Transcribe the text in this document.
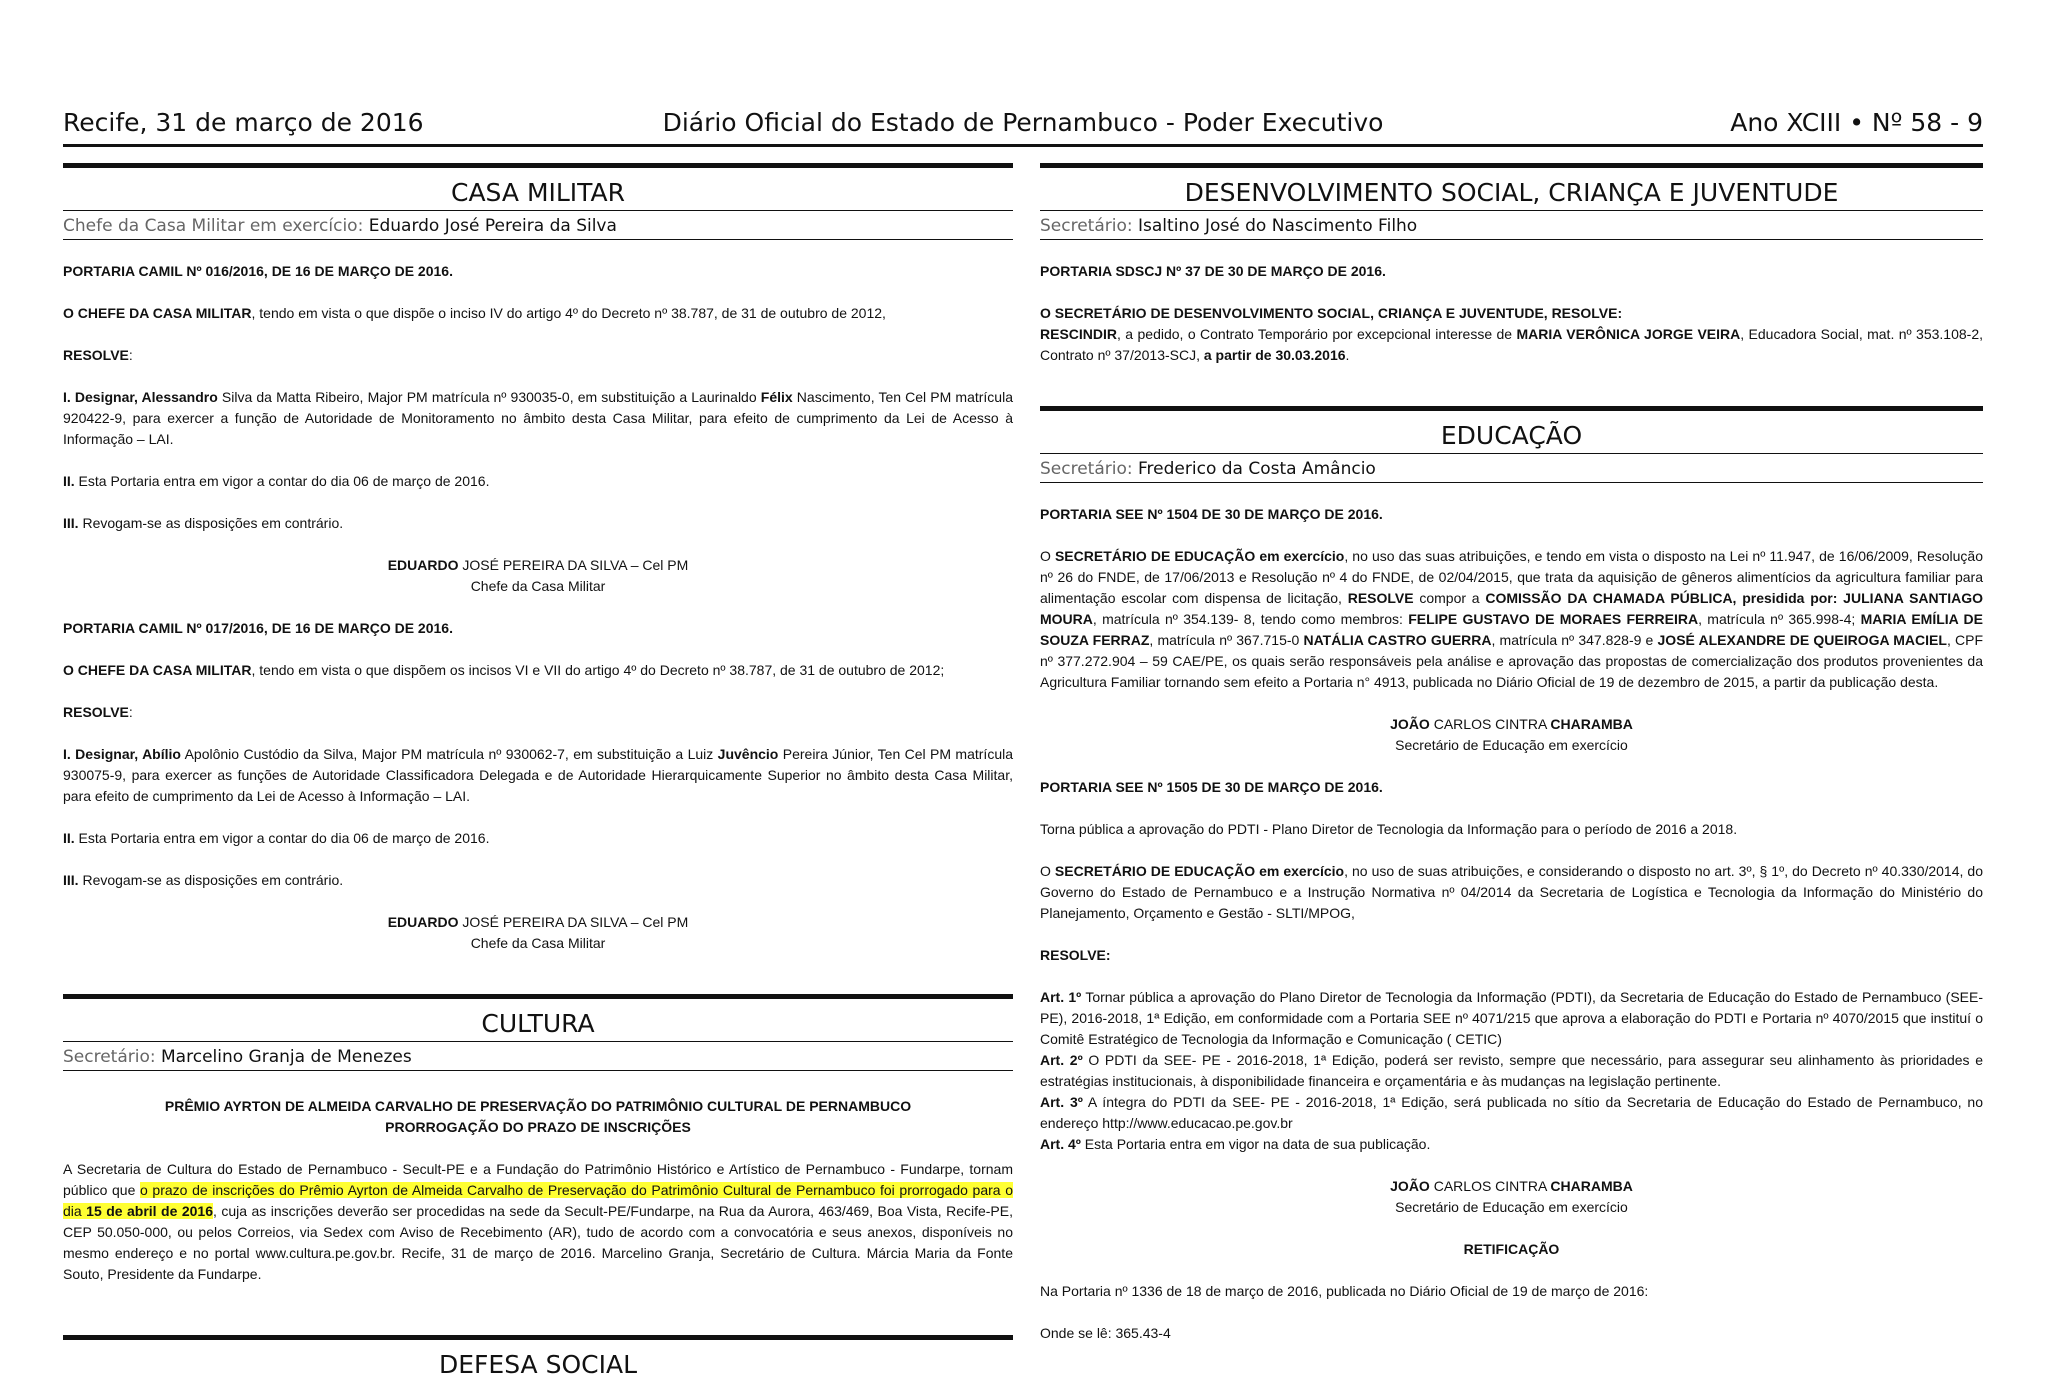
Recife, 31 de março de 2016	Diário Oficial do Estado de Pernambuco - Poder Executivo	Ano XCIII • Nº 58 - 9
CASA MILITAR
Chefe da Casa Militar em exercício: Eduardo José Pereira da Silva

PORTARIA CAMIL Nº 016/2016, DE 16 DE MARÇO DE 2016.

O CHEFE DA CASA MILITAR, tendo em vista o que dispõe o inciso IV do artigo 4º do Decreto nº 38.787, de 31 de outubro de 2012,

RESOLVE:

I. Designar, Alessandro Silva da Matta Ribeiro, Major PM matrícula nº 930035-0, em substituição a Laurinaldo Félix Nascimento, Ten Cel PM matrícula 920422-9, para exercer a função de Autoridade de Monitoramento no âmbito desta Casa Militar, para efeito de cumprimento da Lei de Acesso à Informação – LAI.

II. Esta Portaria entra em vigor a contar do dia 06 de março de 2016.

III. Revogam-se as disposições em contrário.

EDUARDO JOSÉ PEREIRA DA SILVA – Cel PM

Chefe da Casa Militar

PORTARIA CAMIL Nº 017/2016, DE 16 DE MARÇO DE 2016.

O CHEFE DA CASA MILITAR, tendo em vista o que dispõem os incisos VI e VII do artigo 4º do Decreto nº 38.787, de 31 de outubro de 2012;

RESOLVE:

I. Designar, Abílio Apolônio Custódio da Silva, Major PM matrícula nº 930062-7, em substituição a Luiz Juvêncio Pereira Júnior, Ten Cel PM matrícula 930075-9, para exercer as funções de Autoridade Classificadora Delegada e de Autoridade Hierarquicamente Superior no âmbito desta Casa Militar, para efeito de cumprimento da Lei de Acesso à Informação – LAI.

II. Esta Portaria entra em vigor a contar do dia 06 de março de 2016.

III. Revogam-se as disposições em contrário.

EDUARDO JOSÉ PEREIRA DA SILVA – Cel PM

Chefe da Casa Militar

CULTURA
Secretário: Marcelino Granja de Menezes

PRÊMIO AYRTON DE ALMEIDA CARVALHO DE PRESERVAÇÃO DO PATRIMÔNIO CULTURAL DE PERNAMBUCO

PRORROGAÇÃO DO PRAZO DE INSCRIÇÕES

A Secretaria de Cultura do Estado de Pernambuco - Secult-PE e a Fundação do Patrimônio Histórico e Artístico de Pernambuco - Fundarpe, tornam público que o prazo de inscrições do Prêmio Ayrton de Almeida Carvalho de Preservação do Patrimônio Cultural de Pernambuco foi prorrogado para o dia 15 de abril de 2016, cuja as inscrições deverão ser procedidas na sede da Secult-PE/Fundarpe, na Rua da Aurora, 463/469, Boa Vista, Recife-PE, CEP 50.050-000, ou pelos Correios, via Sedex com Aviso de Recebimento (AR), tudo de acordo com a convocatória e seus anexos, disponíveis no mesmo endereço e no portal www.cultura.pe.gov.br. Recife, 31 de março de 2016. Marcelino Granja, Secretário de Cultura. Márcia Maria da Fonte Souto, Presidente da Fundarpe.

DEFESA SOCIAL
DESENVOLVIMENTO SOCIAL, CRIANÇA E JUVENTUDE
Secretário: Isaltino José do Nascimento Filho

PORTARIA SDSCJ Nº 37 DE 30 DE MARÇO DE 2016.

O SECRETÁRIO DE DESENVOLVIMENTO SOCIAL, CRIANÇA E JUVENTUDE, RESOLVE:

RESCINDIR, a pedido, o Contrato Temporário por excepcional interesse de MARIA VERÔNICA JORGE VEIRA, Educadora Social, mat. nº 353.108-2, Contrato nº 37/2013-SCJ, a partir de 30.03.2016.

EDUCAÇÃO
Secretário: Frederico da Costa Amâncio

PORTARIA SEE Nº 1504 DE 30 DE MARÇO DE 2016.

O SECRETÁRIO DE EDUCAÇÃO em exercício, no uso das suas atribuições, e tendo em vista o disposto na Lei nº 11.947, de 16/06/2009, Resolução nº 26 do FNDE, de 17/06/2013 e Resolução nº 4 do FNDE, de 02/04/2015, que trata da aquisição de gêneros alimentícios da agricultura familiar para alimentação escolar com dispensa de licitação, RESOLVE compor a COMISSÃO DA CHAMADA PÚBLICA, presidida por: JULIANA SANTIAGO MOURA, matrícula nº 354.139- 8, tendo como membros: FELIPE GUSTAVO DE MORAES FERREIRA, matrícula nº 365.998-4; MARIA EMÍLIA DE SOUZA FERRAZ, matrícula nº 367.715-0 NATÁLIA CASTRO GUERRA, matrícula nº 347.828-9 e JOSÉ ALEXANDRE DE QUEIROGA MACIEL, CPF nº 377.272.904 – 59 CAE/PE, os quais serão responsáveis pela análise e aprovação das propostas de comercialização dos produtos provenientes da Agricultura Familiar tornando sem efeito a Portaria n° 4913, publicada no Diário Oficial de 19 de dezembro de 2015, a partir da publicação desta.

JOÃO CARLOS CINTRA CHARAMBA

Secretário de Educação em exercício

PORTARIA SEE Nº 1505 DE 30 DE MARÇO DE 2016.

Torna pública a aprovação do PDTI - Plano Diretor de Tecnologia da Informação para o período de 2016 a 2018.

O SECRETÁRIO DE EDUCAÇÃO em exercício, no uso de suas atribuições, e considerando o disposto no art. 3º, § 1º, do Decreto nº 40.330/2014, do Governo do Estado de Pernambuco e a Instrução Normativa nº 04/2014 da Secretaria de Logística e Tecnologia da Informação do Ministério do Planejamento, Orçamento e Gestão - SLTI/MPOG,

RESOLVE:

Art. 1º Tornar pública a aprovação do Plano Diretor de Tecnologia da Informação (PDTI), da Secretaria de Educação do Estado de Pernambuco (SEE-PE), 2016-2018, 1ª Edição, em conformidade com a Portaria SEE nº 4071/215 que aprova a elaboração do PDTI e Portaria nº 4070/2015 que instituí o Comitê Estratégico de Tecnologia da Informação e Comunicação ( CETIC)

Art. 2º O PDTI da SEE- PE - 2016-2018, 1ª Edição, poderá ser revisto, sempre que necessário, para assegurar seu alinhamento às prioridades e estratégias institucionais, à disponibilidade financeira e orçamentária e às mudanças na legislação pertinente.

Art. 3º A íntegra do PDTI da SEE- PE - 2016-2018, 1ª Edição, será publicada no sítio da Secretaria de Educação do Estado de Pernambuco, no endereço http://www.educacao.pe.gov.br

Art. 4º Esta Portaria entra em vigor na data de sua publicação.

JOÃO CARLOS CINTRA CHARAMBA

Secretário de Educação em exercício

RETIFICAÇÃO

Na Portaria nº 1336 de 18 de março de 2016, publicada no Diário Oficial de 19 de março de 2016:

Onde se lê: 365.43-4
